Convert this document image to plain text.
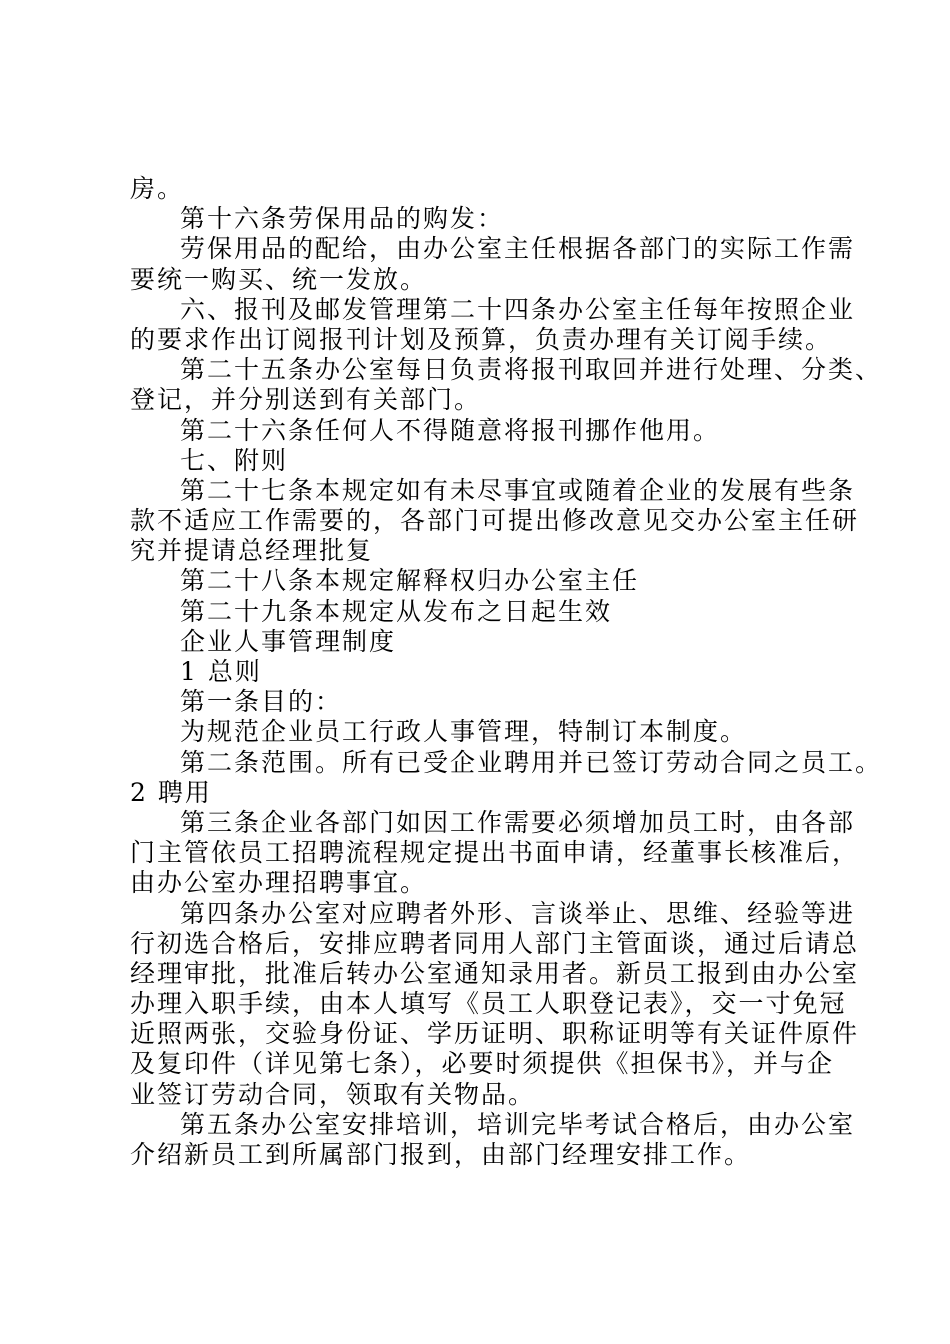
房。
第十六条劳保用品的购发：
劳保用品的配给，由办公室主任根据各部门的实际工作需
要统一购买、统一发放。
六、报刊及邮发管理第二十四条办公室主任每年按照企业
的要求作出订阅报刊计划及预算，负责办理有关订阅手续。
第二十五条办公室每日负责将报刊取回并进行处理、分类、
登记，并分别送到有关部门。
第二十六条任何人不得随意将报刊挪作他用。
七、附则
第二十七条本规定如有未尽事宜或随着企业的发展有些条
款不适应工作需要的，各部门可提出修改意见交办公室主任研
究并提请总经理批复
第二十八条本规定解释权归办公室主任
第二十九条本规定从发布之日起生效
企业人事管理制度
1 总则
第一条目的：
为规范企业员工行政人事管理，特制订本制度。
第二条范围。所有已受企业聘用并已签订劳动合同之员工。
2 聘用
第三条企业各部门如因工作需要必须增加员工时，由各部
门主管依员工招聘流程规定提出书面申请，经董事长核准后，
由办公室办理招聘事宜。
第四条办公室对应聘者外形、言谈举止、思维、经验等进
行初选合格后，安排应聘者同用人部门主管面谈，通过后请总
经理审批，批准后转办公室通知录用者。新员工报到由办公室
办理入职手续，由本人填写《员工人职登记表》，交一寸免冠
近照两张，交验身份证、学历证明、职称证明等有关证件原件
及复印件（详见第七条），必要时须提供《担保书》，并与企
业签订劳动合同，领取有关物品。
第五条办公室安排培训，培训完毕考试合格后，由办公室
介绍新员工到所属部门报到，由部门经理安排工作。
